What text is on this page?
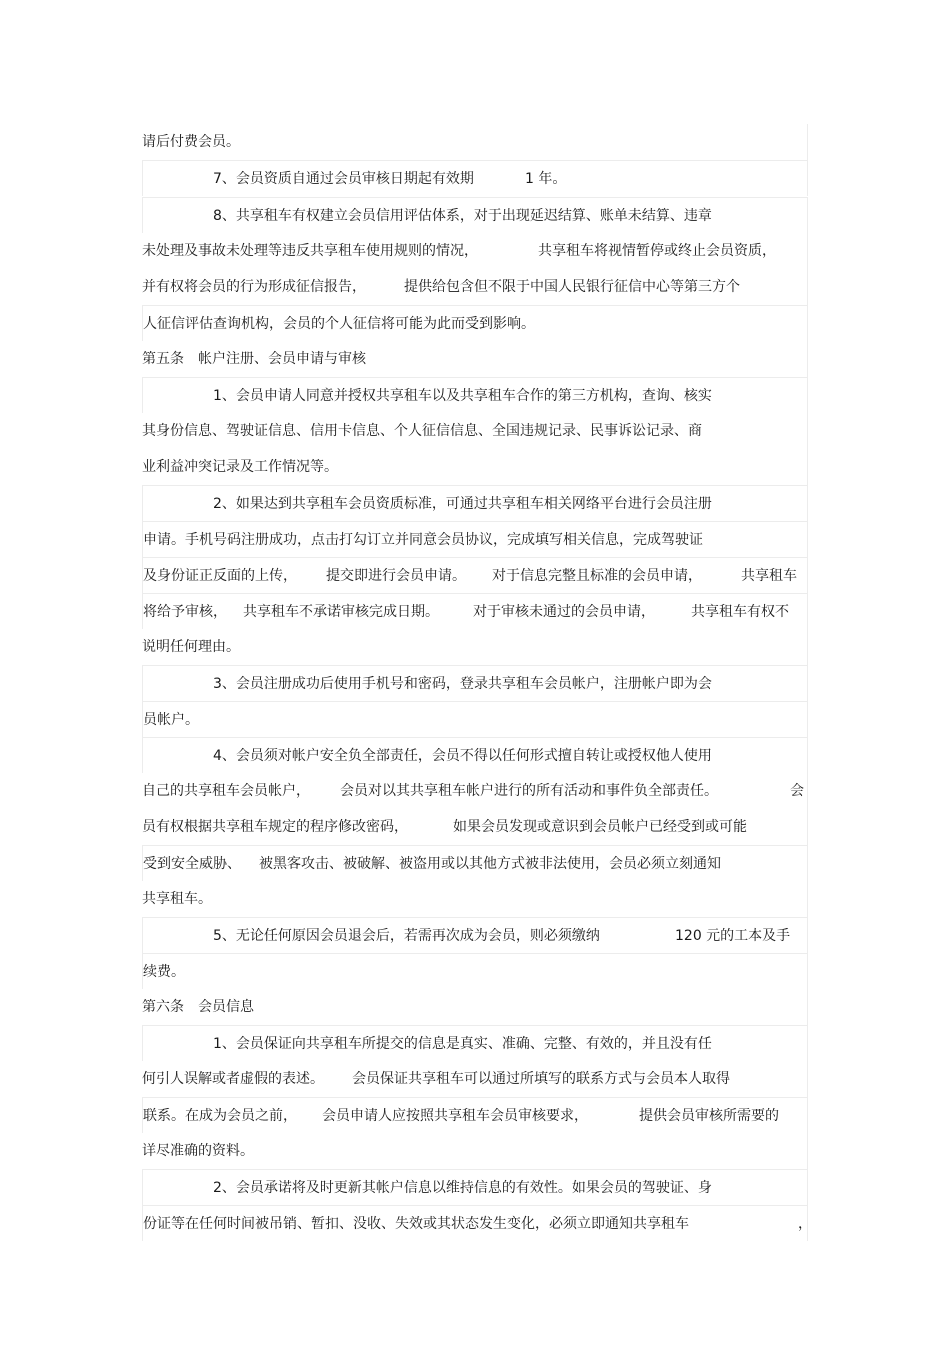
请后付费会员。
7、会员资质自通过会员审核日期起有效期	1 年。
8、共享租车有权建立会员信用评估体系，对于出现延迟结算、账单未结算、违章
未处理及事故未处理等违反共享租车使用规则的情况，	共享租车将视情暂停或终止会员资质，
并有权将会员的行为形成征信报告，	提供给包含但不限于中国人民银行征信中心等第三方个
人征信评估查询机构，会员的个人征信将可能为此而受到影响。
第五条　帐户注册、会员申请与审核
1、会员申请人同意并授权共享租车以及共享租车合作的第三方机构，查询、核实
其身份信息、驾驶证信息、信用卡信息、个人征信信息、全国违规记录、民事诉讼记录、商
业利益冲突记录及工作情况等。
2、如果达到共享租车会员资质标准，可通过共享租车相关网络平台进行会员注册
申请。手机号码注册成功，点击打勾订立并同意会员协议，完成填写相关信息，完成驾驶证
及身份证正反面的上传， 提交即进行会员申请。 对于信息完整且标准的会员申请，	共享租车
将给予审核， 共享租车不承诺审核完成日期。 对于审核未通过的会员申请，	共享租车有权不
说明任何理由。
3、会员注册成功后使用手机号和密码，登录共享租车会员帐户，注册帐户即为会
员帐户。
4、会员须对帐户安全负全部责任，会员不得以任何形式擅自转让或授权他人使用
自己的共享租车会员帐户， 会员对以其共享租车帐户进行的所有活动和事件负全部责任。	会
员有权根据共享租车规定的程序修改密码，	如果会员发现或意识到会员帐户已经受到或可能
受到安全威胁、 被黑客攻击、被破解、被盗用或以其他方式被非法使用，会员必须立刻通知
共享租车。
5、无论任何原因会员退会后，若需再次成为会员，则必须缴纳	120 元的工本及手
续费。
第六条　会员信息
1、会员保证向共享租车所提交的信息是真实、准确、完整、有效的，并且没有任
何引人误解或者虚假的表述。 会员保证共享租车可以通过所填写的联系方式与会员本人取得
联系。在成为会员之前， 会员申请人应按照共享租车会员审核要求，	提供会员审核所需要的
详尽准确的资料。
2、会员承诺将及时更新其帐户信息以维持信息的有效性。如果会员的驾驶证、身
份证等在任何时间被吊销、暂扣、没收、失效或其状态发生变化，必须立即通知共享租车	，
